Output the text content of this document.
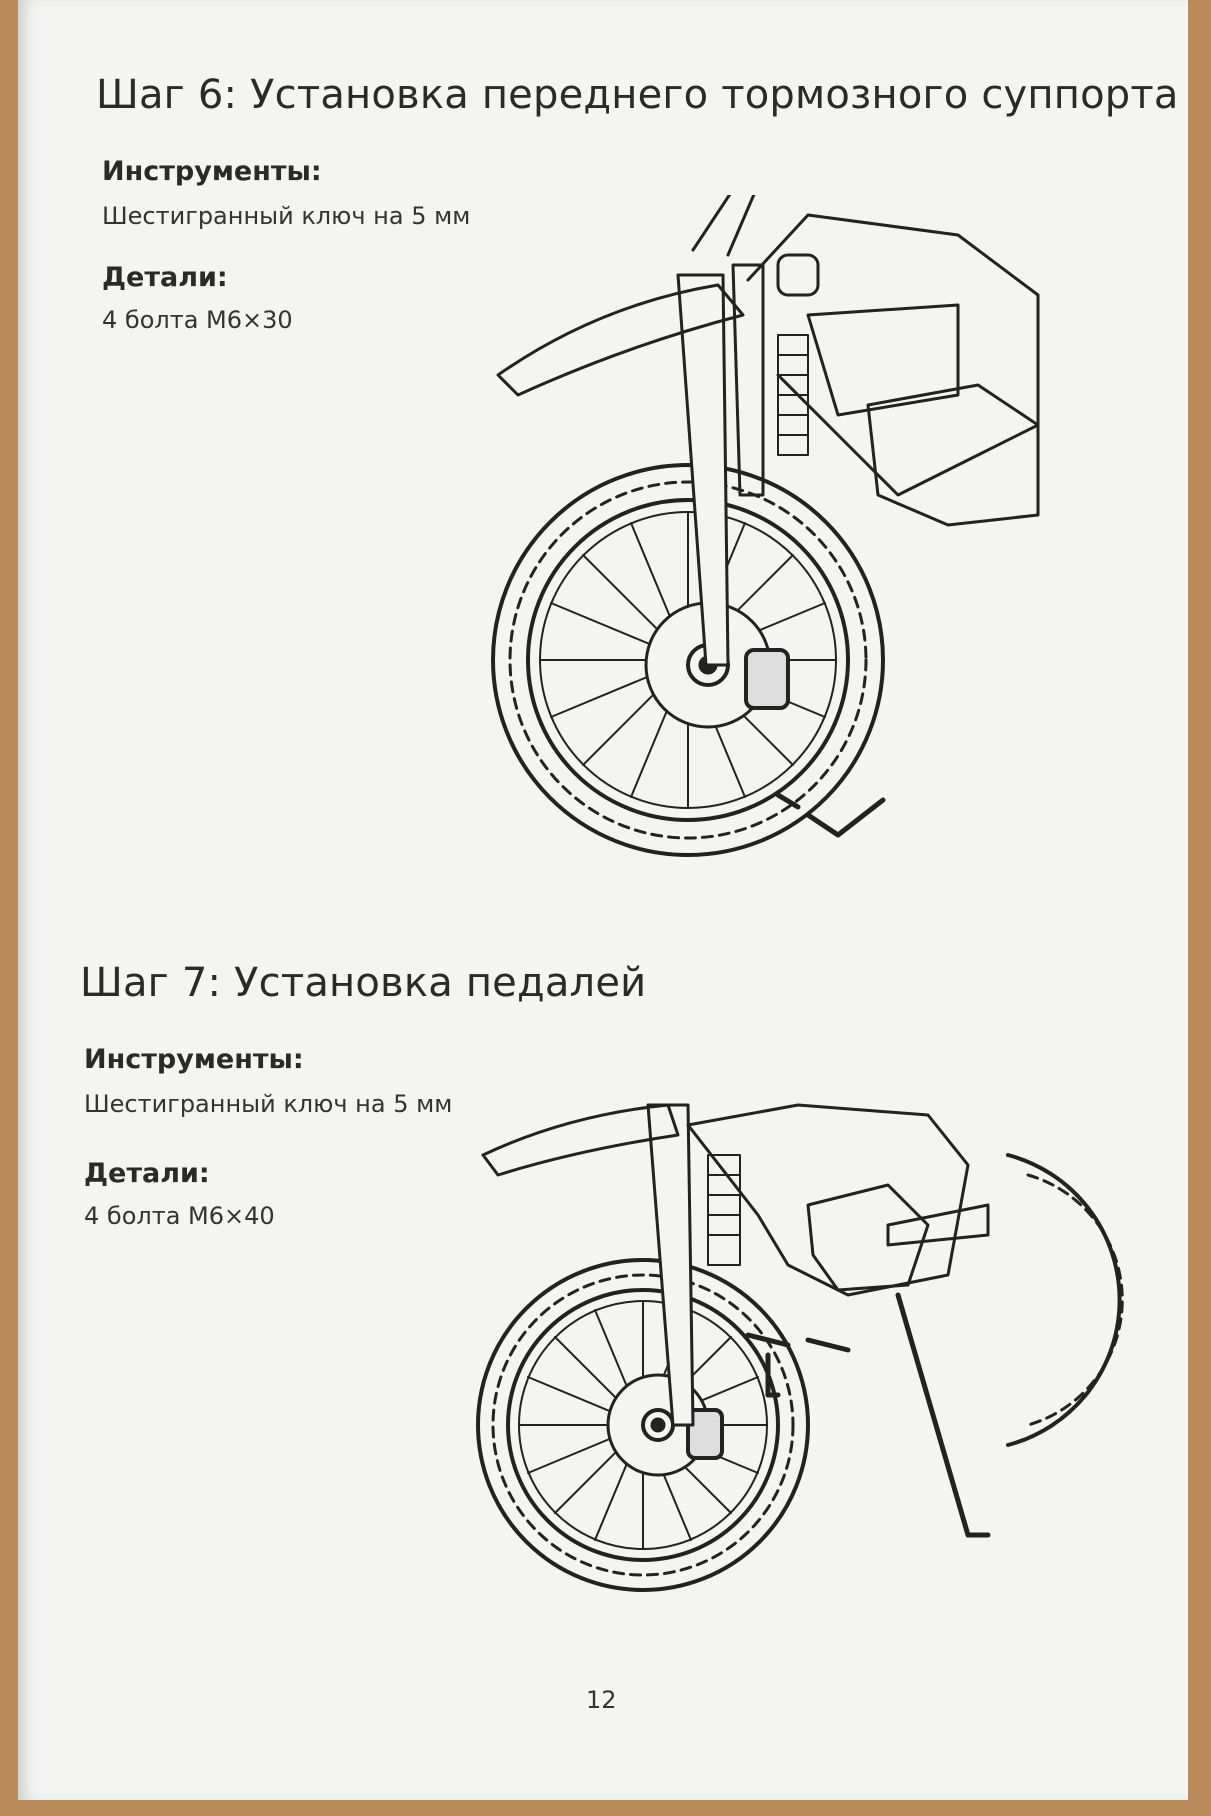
Шаг 6: Установка переднего тормозного суппорта
Инструменты:
Шестигранный ключ на 5 мм
Детали:
4 болта M6×30
Шаг 7: Установка педалей
Инструменты:
Шестигранный ключ на 5 мм
Детали:
4 болта M6×40
12
